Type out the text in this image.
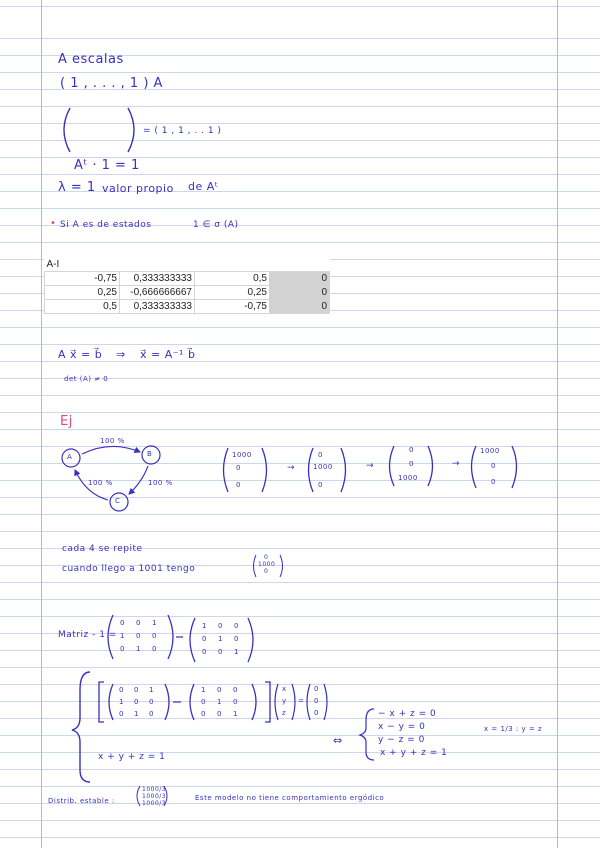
A escalas
( 1 , . . . , 1 ) A
= ( 1 , 1 , . . 1 )
Aᵗ · 1 = 1
λ = 1 valor propio de Aᵗ
• Si A es de estados	1 ∈ σ (A)
A-I			
-0,75	0,333333333	0,5	0
0,25	-0,666666667	0,25	0
0,5	0,333333333	-0,75	0
A x⃗ = b⃗ ⇒ x⃗ = A⁻¹ b⃗
det (A) ≠ 0
Ej
A	B
C
100 %
100 %
100 %
1000
0
0
→
0
1000
0
→
0
0
1000
→
1000
0
0
cada 4 se repite
cuando llego a 1001 tengo
0
1000
0
Matriz - 1 =
0 0 1
1 0 0
0 1 0
1 0 0
0 1 0
0 0 1
0 0 1
1 0 0
0 1 0
1 0 0
0 1 0
0 0 1
x
y
z
=
0
0
0
x + y + z = 1
⇔
− x + z = 0
x − y = 0
y − z = 0
x + y + z = 1
x = 1/3 : y = z
Distrib. estable :
1000/3
1000/3
1000/3
Este modelo no tiene comportamiento ergódico
